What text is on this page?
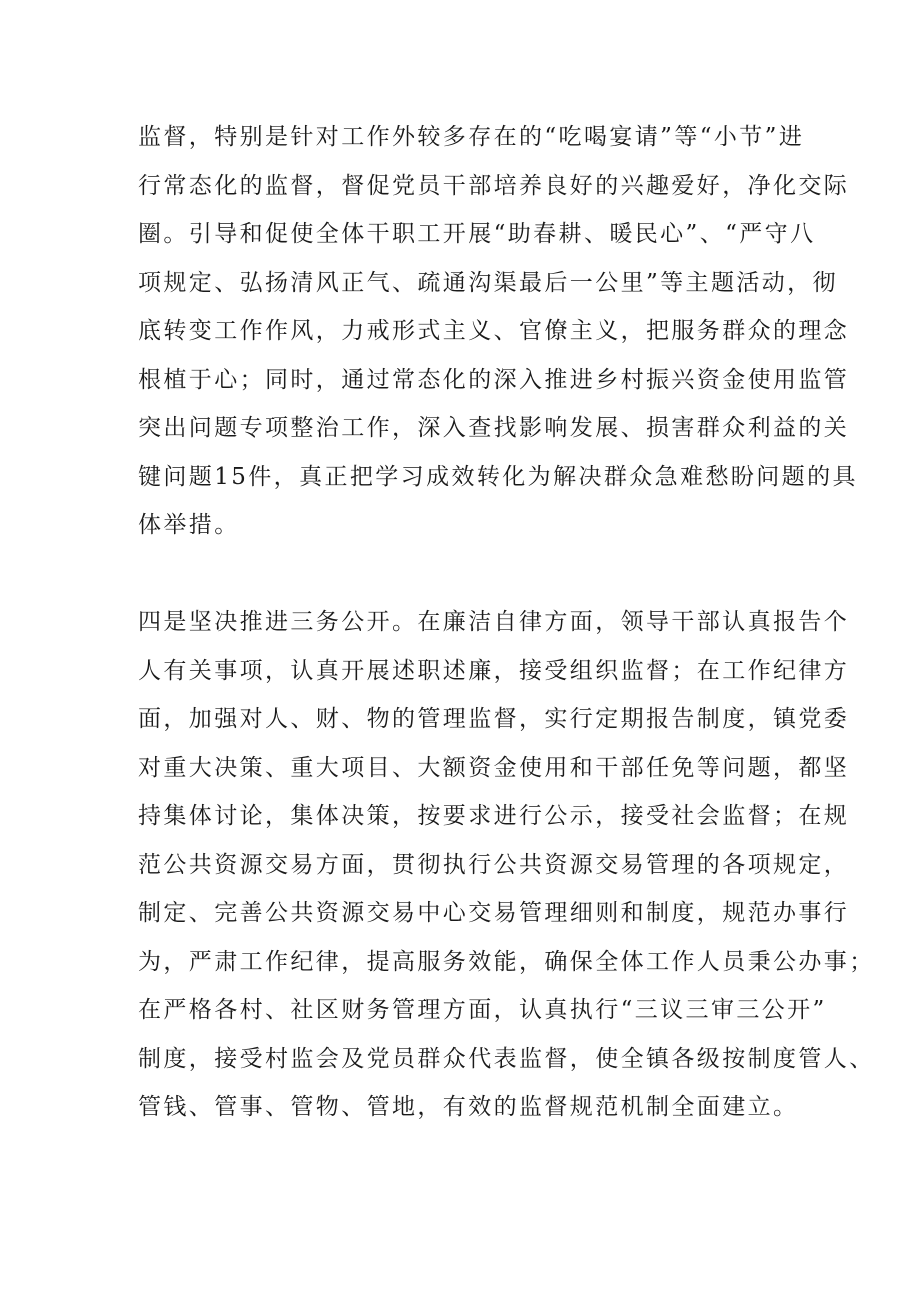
监督，特别是针对工作外较多存在的“吃喝宴请”等“小节”进
行常态化的监督，督促党员干部培养良好的兴趣爱好，净化交际
圈。引导和促使全体干职工开展“助春耕、暖民心”、“严守八
项规定、弘扬清风正气、疏通沟渠最后一公里”等主题活动，彻
底转变工作作风，力戒形式主义、官僚主义，把服务群众的理念
根植于心；同时，通过常态化的深入推进乡村振兴资金使用监管
突出问题专项整治工作，深入查找影响发展、损害群众利益的关
键问题15件，真正把学习成效转化为解决群众急难愁盼问题的具
体举措。
四是坚决推进三务公开。在廉洁自律方面，领导干部认真报告个
人有关事项，认真开展述职述廉，接受组织监督；在工作纪律方
面，加强对人、财、物的管理监督，实行定期报告制度，镇党委
对重大决策、重大项目、大额资金使用和干部任免等问题，都坚
持集体讨论，集体决策，按要求进行公示，接受社会监督；在规
范公共资源交易方面，贯彻执行公共资源交易管理的各项规定，
制定、完善公共资源交易中心交易管理细则和制度，规范办事行
为，严肃工作纪律，提高服务效能，确保全体工作人员秉公办事；
在严格各村、社区财务管理方面，认真执行“三议三审三公开”
制度，接受村监会及党员群众代表监督，使全镇各级按制度管人、
管钱、管事、管物、管地，有效的监督规范机制全面建立。
